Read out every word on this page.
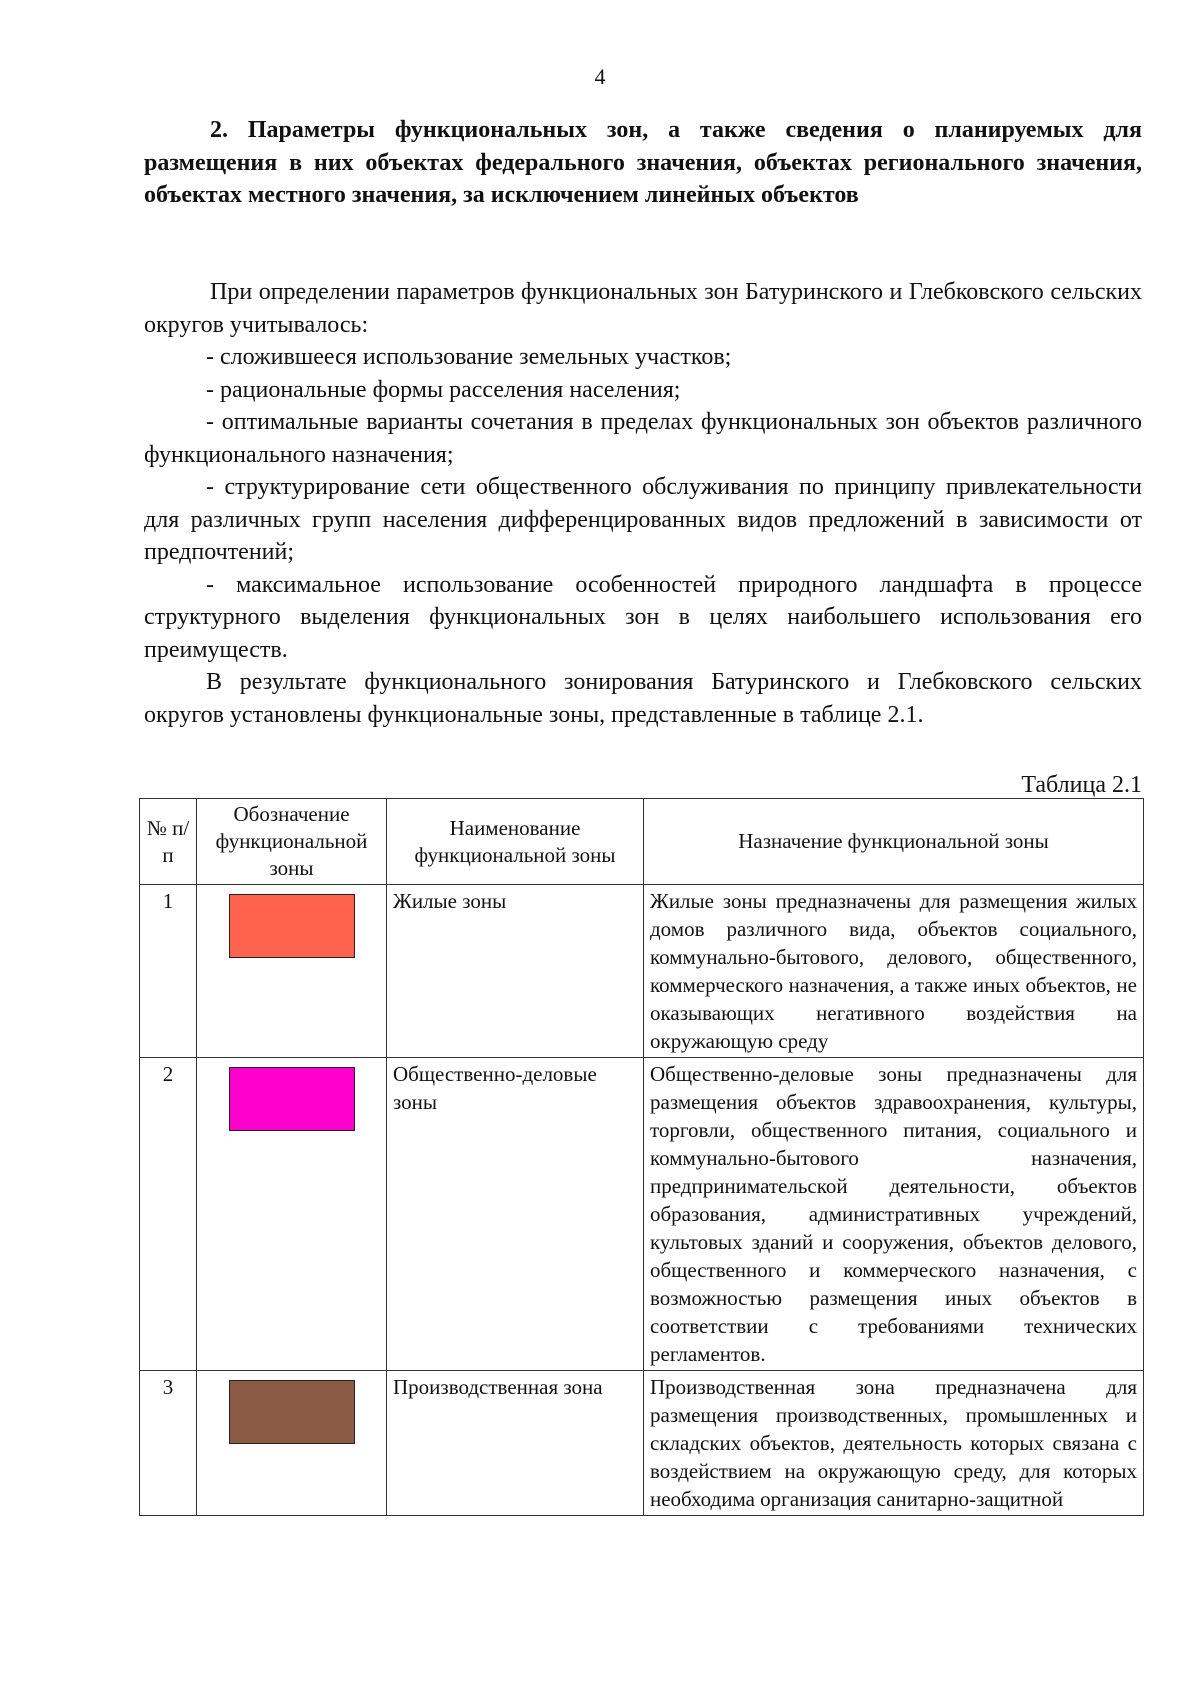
4
2. Параметры функциональных зон, а также сведения о планируемых для размещения в них объектах федерального значения, объектах регионального значения, объектах местного значения, за исключением линейных объектов

При определении параметров функциональных зон Батуринского и Глебковского сельских округов учитывалось:

- сложившееся использование земельных участков;

- рациональные формы расселения населения;

- оптимальные варианты сочетания в пределах функциональных зон объектов различного функционального назначения;

- структурирование сети общественного обслуживания по принципу привлекательности для различных групп населения дифференцированных видов предложений в зависимости от предпочтений;

- максимальное использование особенностей природного ландшафта в процессе структурного выделения функциональных зон в целях наибольшего использования его преимуществ.

В результате функционального зонирования Батуринского и Глебковского сельских округов установлены функциональные зоны, представленные в таблице 2.1.

Таблица 2.1
№ п/п	Обозначение функциональной зоны	Наименование функциональной зоны	Назначение функциональной зоны
1		Жилые зоны	Жилые зоны предназначены для размещения жилых домов различного вида, объектов социального, коммунально-бытового, делового, общественного, коммерческого назначения, а также иных объектов, не оказывающих негативного воздействия на окружающую среду
2		Общественно-деловые зоны	Общественно-деловые зоны предназначены для размещения объектов здравоохранения, культуры, торговли, общественного питания, социального и коммунально-бытового назначения, предпринимательской деятельности, объектов образования, административных учреждений, культовых зданий и сооружения, объектов делового, общественного и коммерческого назначения, с возможностью размещения иных объектов в соответствии с требованиями технических регламентов.
3		Производственная зона	Производственная зона предназначена для размещения производственных, промышленных и складских объектов, деятельность которых связана с воздействием на окружающую среду, для которых необходима организация санитарно-защитной
